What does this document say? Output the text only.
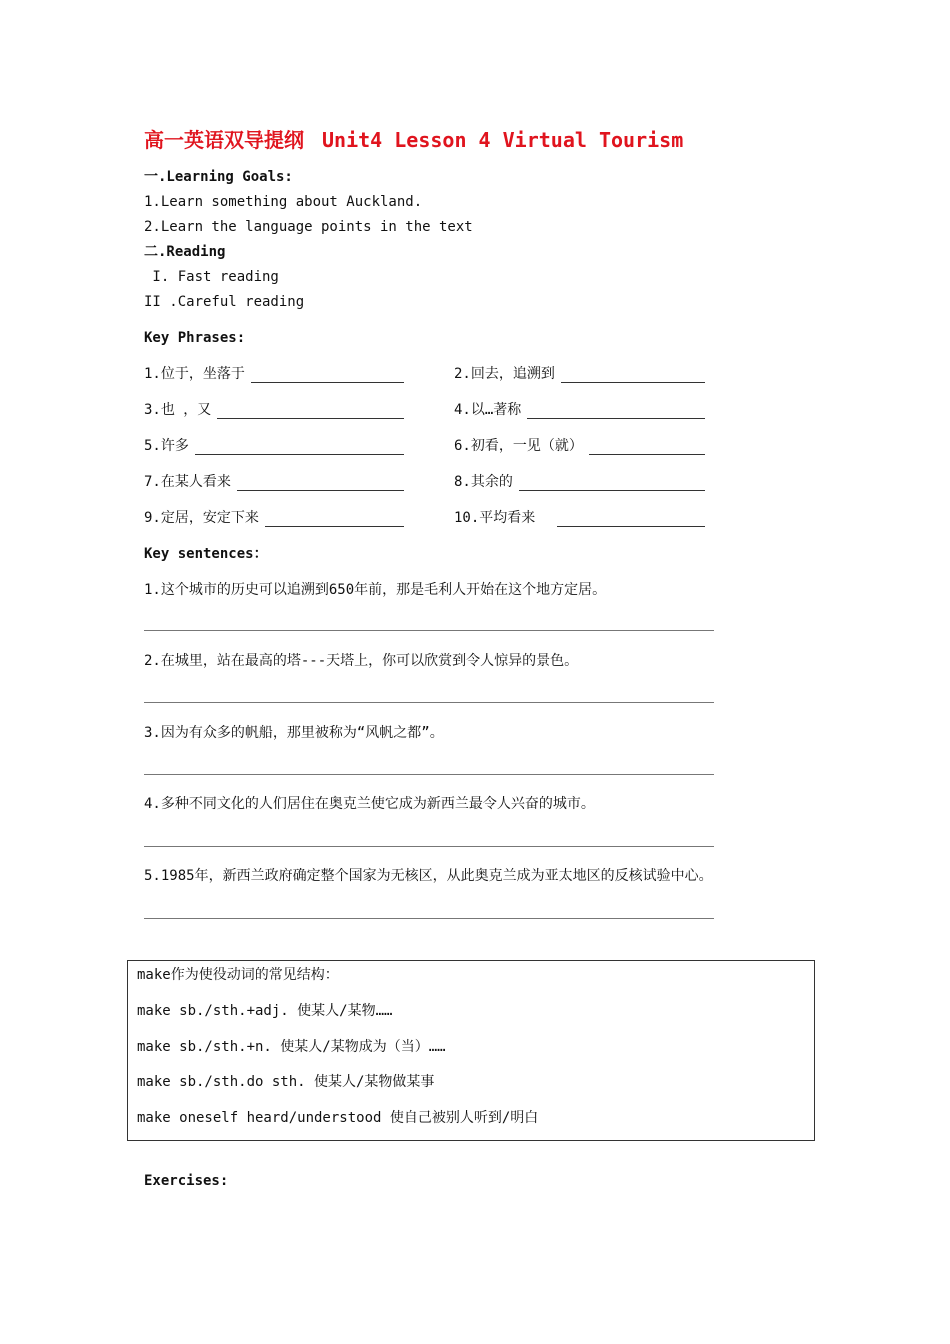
高一英语双导提纲 Unit4 Lesson 4 Virtual Tourism
一.Learning Goals:
1.Learn something about Auckland.
2.Learn the language points in the text
二.Reading
I. Fast reading
II .Careful reading
Key Phrases:
1.位于，坐落于	2.回去，追溯到
3.也 ，又	4.以…著称
5.许多	6.初看，一见（就）
7.在某人看来	8.其余的
9.定居，安定下来	10.平均看来
Key sentences：
1.这个城市的历史可以追溯到650年前，那是毛利人开始在这个地方定居。
2.在城里，站在最高的塔---天塔上，你可以欣赏到令人惊异的景色。
3.因为有众多的帆船，那里被称为“风帆之都”。
4.多种不同文化的人们居住在奥克兰使它成为新西兰最令人兴奋的城市。
5.1985年，新西兰政府确定整个国家为无核区，从此奥克兰成为亚太地区的反核试验中心。
make作为使役动词的常见结构：
make sb./sth.+adj. 使某人/某物……
make sb./sth.+n. 使某人/某物成为（当）……
make sb./sth.do sth. 使某人/某物做某事
make oneself heard/understood 使自己被别人听到/明白
Exercises:
